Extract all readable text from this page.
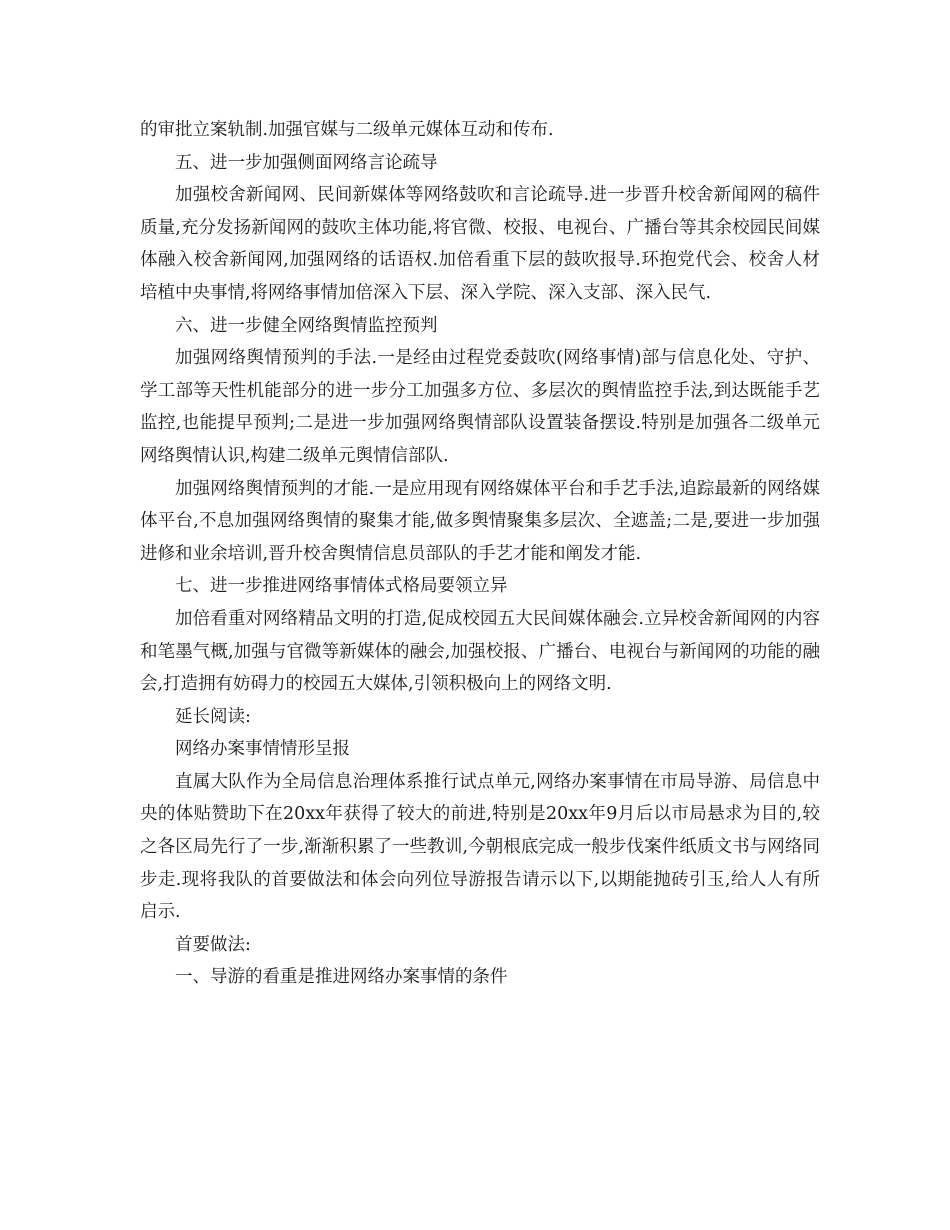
的审批立案轨制.加强官媒与二级单元媒体互动和传布.

五、进一步加强侧面网络言论疏导

加强校舍新闻网、民间新媒体等网络鼓吹和言论疏导.进一步晋升校舍新闻网的稿件质量,充分发扬新闻网的鼓吹主体功能,将官微、校报、电视台、广播台等其余校园民间媒体融入校舍新闻网,加强网络的话语权.加倍看重下层的鼓吹报导.环抱党代会、校舍人材培植中央事情,将网络事情加倍深入下层、深入学院、深入支部、深入民气.

六、进一步健全网络舆情监控预判

加强网络舆情预判的手法.一是经由过程党委鼓吹(网络事情)部与信息化处、守护、学工部等天性机能部分的进一步分工加强多方位、多层次的舆情监控手法,到达既能手艺监控,也能提早预判;二是进一步加强网络舆情部队设置装备摆设.特别是加强各二级单元网络舆情认识,构建二级单元舆情信部队.

加强网络舆情预判的才能.一是应用现有网络媒体平台和手艺手法,追踪最新的网络媒体平台,不息加强网络舆情的聚集才能,做多舆情聚集多层次、全遮盖;二是,要进一步加强进修和业余培训,晋升校舍舆情信息员部队的手艺才能和阐发才能.

七、进一步推进网络事情体式格局要领立异

加倍看重对网络精品文明的打造,促成校园五大民间媒体融会.立异校舍新闻网的内容和笔墨气概,加强与官微等新媒体的融会,加强校报、广播台、电视台与新闻网的功能的融会,打造拥有妨碍力的校园五大媒体,引领积极向上的网络文明.

延长阅读:

网络办案事情情形呈报

直属大队作为全局信息治理体系推行试点单元,网络办案事情在市局导游、局信息中央的体贴赞助下在20xx年获得了较大的前进,特别是20xx年9月后以市局悬求为目的,较之各区局先行了一步,渐渐积累了一些教训,今朝根底完成一般步伐案件纸质文书与网络同步走.现将我队的首要做法和体会向列位导游报告请示以下,以期能抛砖引玉,给人人有所启示.

首要做法:

一、导游的看重是推进网络办案事情的条件
